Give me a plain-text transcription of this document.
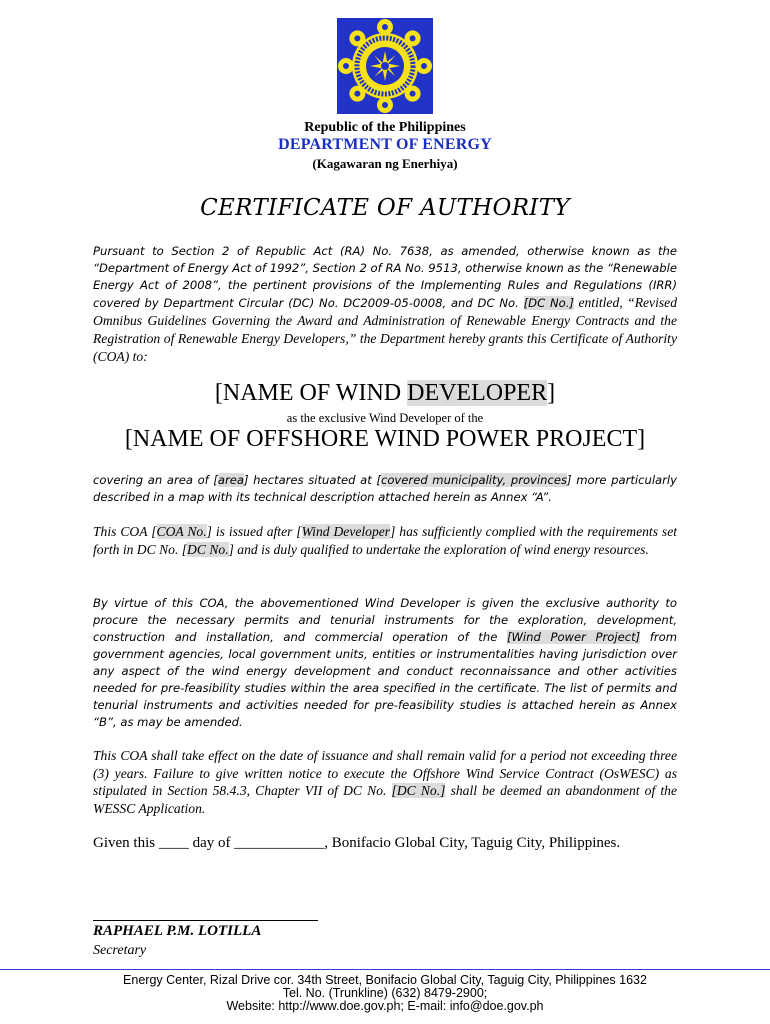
Republic of the Philippines
DEPARTMENT OF ENERGY
(Kagawaran ng Enerhiya)
CERTIFICATE OF AUTHORITY
Pursuant to Section 2 of Republic Act (RA) No. 7638, as amended, otherwise known as the “Department of Energy Act of 1992”, Section 2 of RA No. 9513, otherwise known as the “Renewable Energy Act of 2008”, the pertinent provisions of the Implementing Rules and Regulations (IRR) covered by Department Circular (DC) No. DC2009-05-0008, and DC No. [DC No.] entitled, “Revised Omnibus Guidelines Governing the Award and Administration of Renewable Energy Contracts and the Registration of Renewable Energy Developers,” the Department hereby grants this Certificate of Authority (COA) to:
[NAME OF WIND DEVELOPER]
as the exclusive Wind Developer of the
[NAME OF OFFSHORE WIND POWER PROJECT]
covering an area of [area] hectares situated at [covered municipality, provinces] more particularly described in a map with its technical description attached herein as Annex “A”.
This COA [COA No.] is issued after [Wind Developer] has sufficiently complied with the requirements set forth in DC No. [DC No.] and is duly qualified to undertake the exploration of wind energy resources.
By virtue of this COA, the abovementioned Wind Developer is given the exclusive authority to procure the necessary permits and tenurial instruments for the exploration, development, construction and installation, and commercial operation of the [Wind Power Project] from government agencies, local government units, entities or instrumentalities having jurisdiction over any aspect of the wind energy development and conduct reconnaissance and other activities needed for pre-feasibility studies within the area specified in the certificate. The list of permits and tenurial instruments and activities needed for pre-feasibility studies is attached herein as Annex “B”, as may be amended.
This COA shall take effect on the date of issuance and shall remain valid for a period not exceeding three (3) years. Failure to give written notice to execute the Offshore Wind Service Contract (OsWESC) as stipulated in Section 58.4.3, Chapter VII of DC No. [DC No.] shall be deemed an abandonment of the WESSC Application.
Given this ____ day of ____________, Bonifacio Global City, Taguig City, Philippines.
RAPHAEL P.M. LOTILLA
Secretary
Energy Center, Rizal Drive cor. 34th Street, Bonifacio Global City, Taguig City, Philippines 1632
Tel. No. (Trunkline) (632) 8479-2900;
Website: http://www.doe.gov.ph; E-mail: info@doe.gov.ph
